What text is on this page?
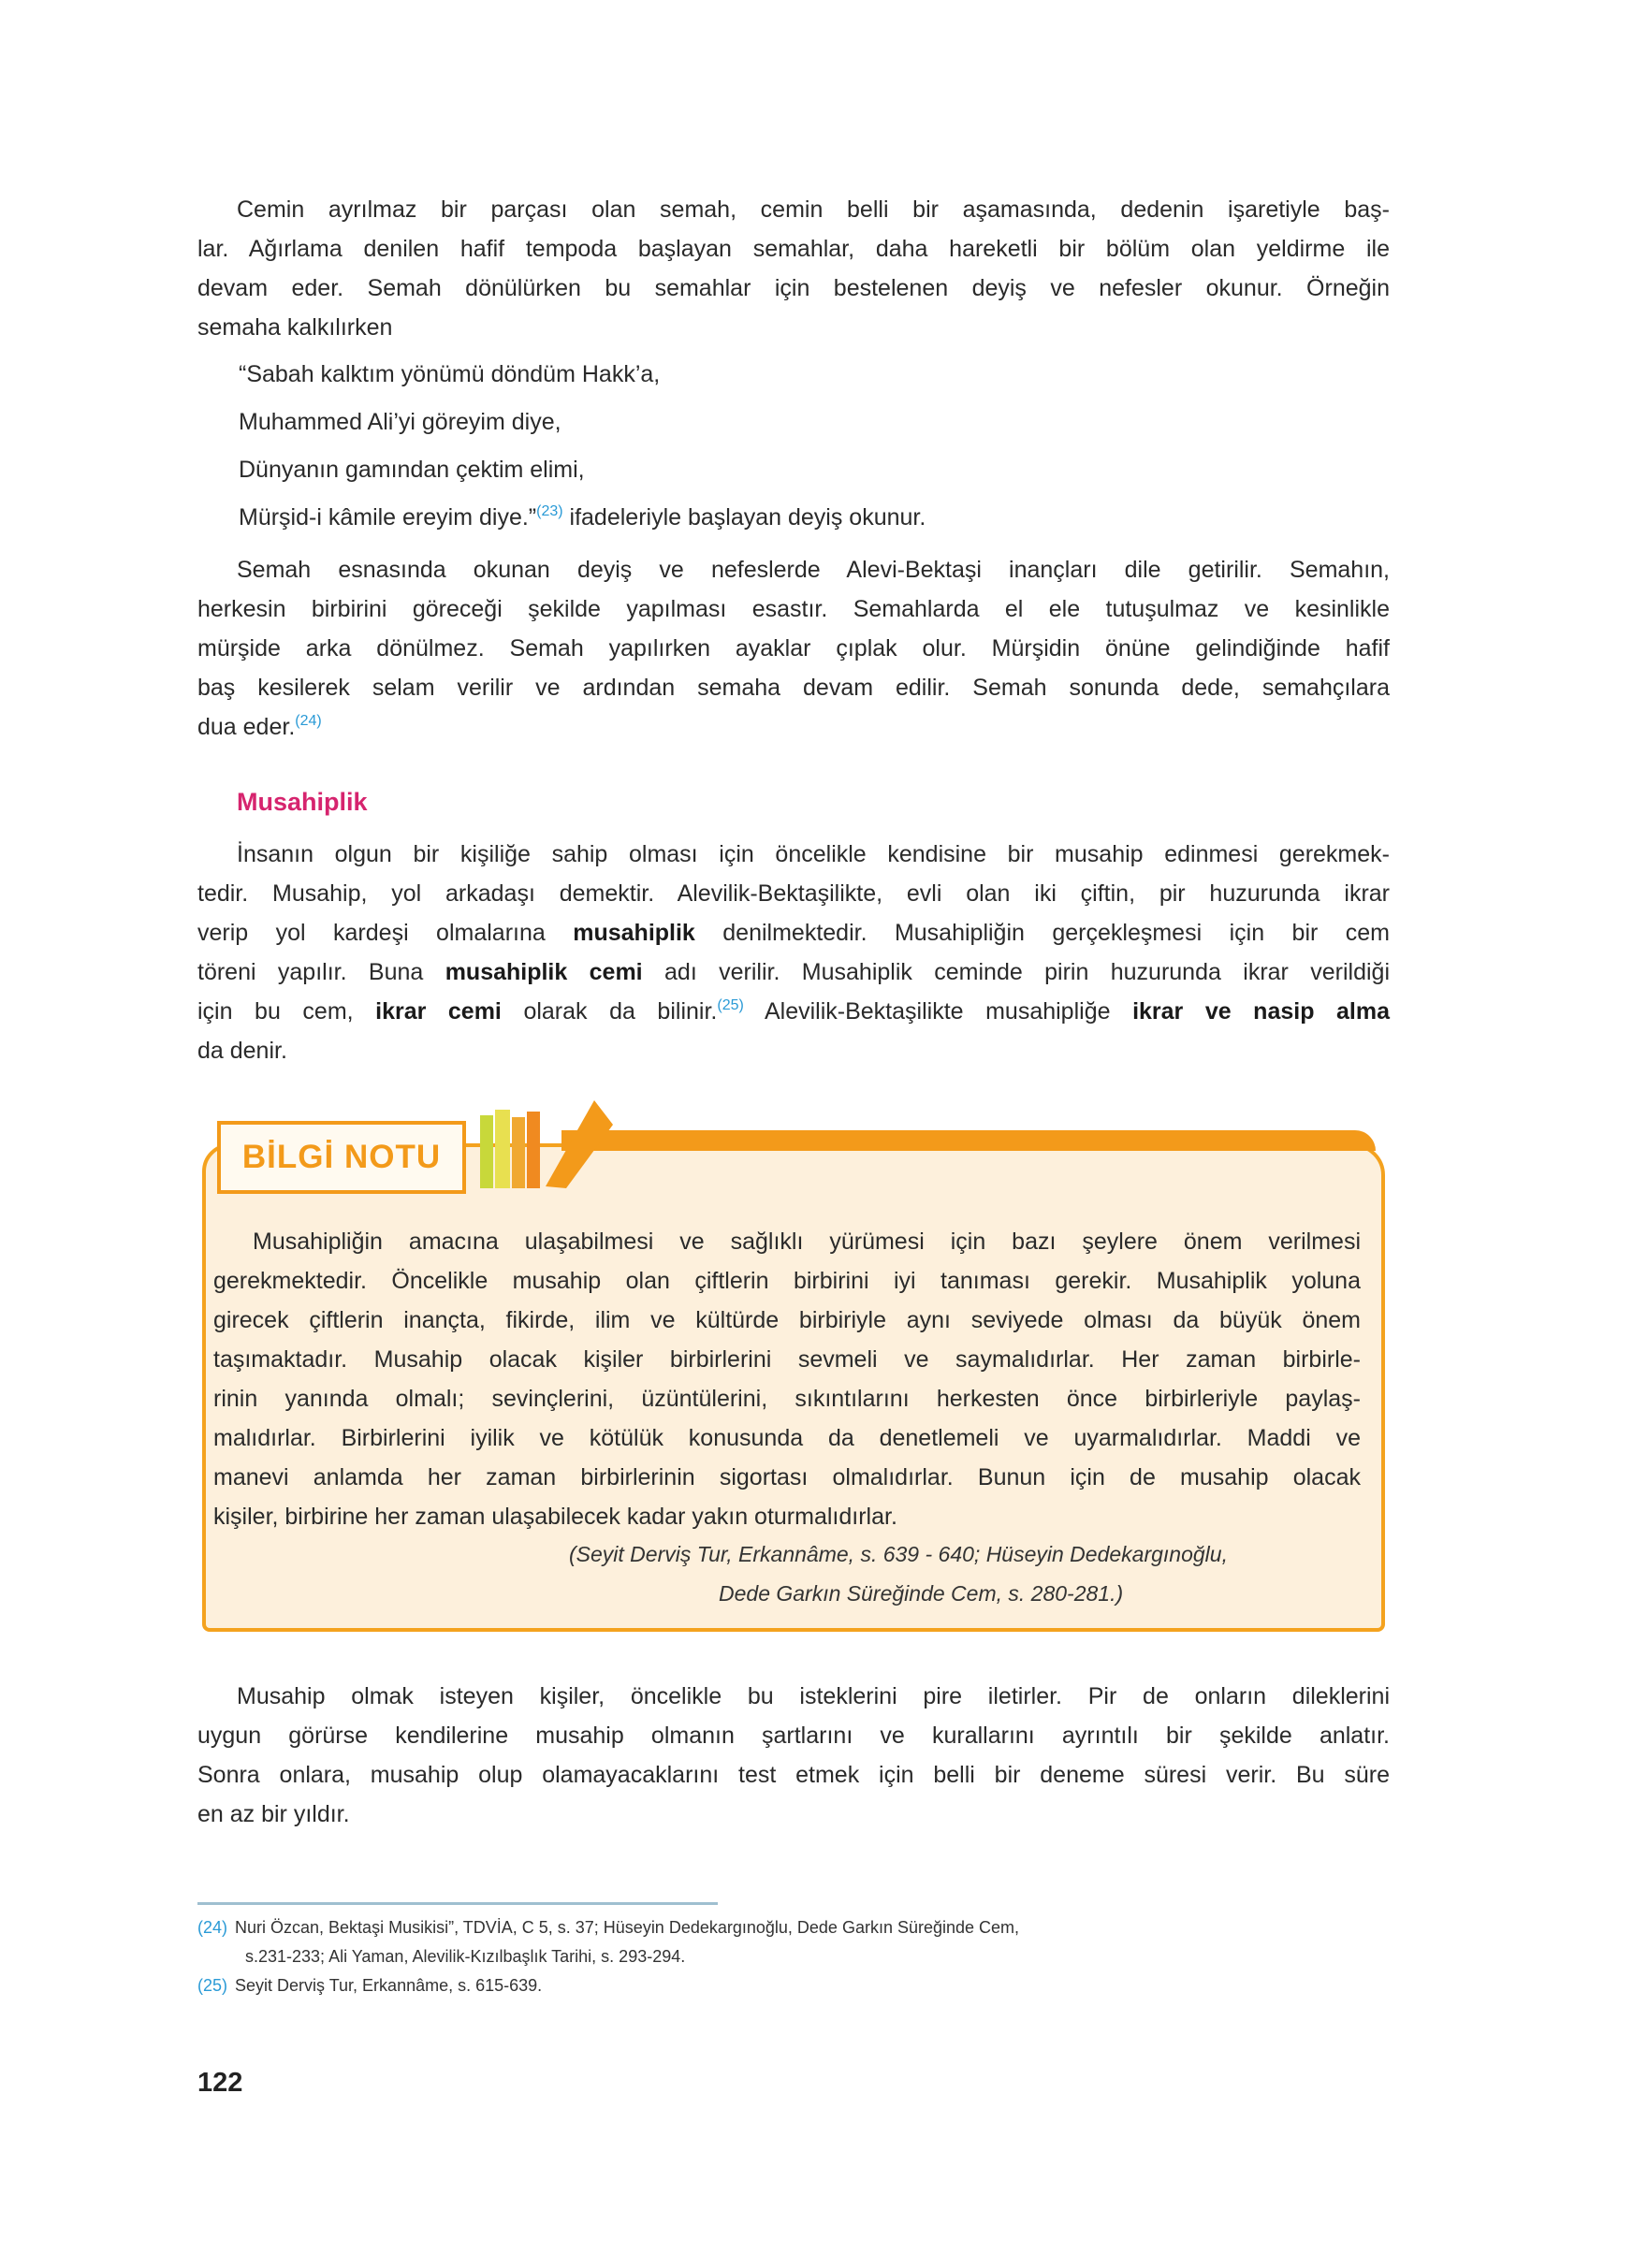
Cemin ayrılmaz bir parçası olan semah, cemin belli bir aşamasında, dedenin işaretiyle baş-
lar. Ağırlama denilen hafif tempoda başlayan semahlar, daha hareketli bir bölüm olan yeldirme ile
devam eder. Semah dönülürken bu semahlar için bestelenen deyiş ve nefesler okunur. Örneğin
semaha kalkılırken
“Sabah kalktım yönümü döndüm Hakk’a,
Muhammed Ali’yi göreyim diye,
Dünyanın gamından çektim elimi,
Mürşid-i kâmile ereyim diye.”$^{(23)}$ ifadeleriyle başlayan deyiş okunur.
Semah esnasında okunan deyiş ve nefeslerde Alevi-Bektaşi inançları dile getirilir. Semahın,
herkesin birbirini göreceği şekilde yapılması esastır. Semahlarda el ele tutuşulmaz ve kesinlikle
mürşide arka dönülmez. Semah yapılırken ayaklar çıplak olur. Mürşidin önüne gelindiğinde hafif
baş kesilerek selam verilir ve ardından semaha devam edilir. Semah sonunda dede, semahçılara
dua eder.$^{(24)}$
Musahiplik
İnsanın olgun bir kişiliğe sahip olması için öncelikle kendisine bir musahip edinmesi gerekmek-
tedir. Musahip, yol arkadaşı demektir. Alevilik-Bektaşilikte, evli olan iki çiftin, pir huzurunda ikrar
verip yol kardeşi olmalarına musahiplik denilmektedir. Musahipliğin gerçekleşmesi için bir cem
töreni yapılır. Buna musahiplik cemi adı verilir. Musahiplik ceminde pirin huzurunda ikrar verildiği
için bu cem, ikrar cemi olarak da bilinir.$^{(25)}$ Alevilik-Bektaşilikte musahipliğe ikrar ve nasip alma
da denir.
BİLGİ NOTU
Musahipliğin amacına ulaşabilmesi ve sağlıklı yürümesi için bazı şeylere önem verilmesi
gerekmektedir. Öncelikle musahip olan çiftlerin birbirini iyi tanıması gerekir. Musahiplik yoluna
girecek çiftlerin inançta, fikirde, ilim ve kültürde birbiriyle aynı seviyede olması da büyük önem
taşımaktadır. Musahip olacak kişiler birbirlerini sevmeli ve saymalıdırlar. Her zaman birbirle-
rinin yanında olmalı; sevinçlerini, üzüntülerini, sıkıntılarını herkesten önce birbirleriyle paylaş-
malıdırlar. Birbirlerini iyilik ve kötülük konusunda da denetlemeli ve uyarmalıdırlar. Maddi ve
manevi anlamda her zaman birbirlerinin sigortası olmalıdırlar. Bunun için de musahip olacak
kişiler, birbirine her zaman ulaşabilecek kadar yakın oturmalıdırlar.
(Seyit Derviş Tur, Erkannâme, s. 639 - 640; Hüseyin Dedekargınoğlu,
Dede Garkın Süreğinde Cem, s. 280-281.)
Musahip olmak isteyen kişiler, öncelikle bu isteklerini pire iletirler. Pir de onların dileklerini
uygun görürse kendilerine musahip olmanın şartlarını ve kurallarını ayrıntılı bir şekilde anlatır.
Sonra onlara, musahip olup olamayacaklarını test etmek için belli bir deneme süresi verir. Bu süre
en az bir yıldır.
(24) Nuri Özcan, Bektaşi Musikisi”, TDVİA, C 5, s. 37; Hüseyin Dedekargınoğlu, Dede Garkın Süreğinde Cem,
s.231-233; Ali Yaman, Alevilik-Kızılbaşlık Tarihi, s. 293-294.
(25) Seyit Derviş Tur, Erkannâme, s. 615-639.
122
